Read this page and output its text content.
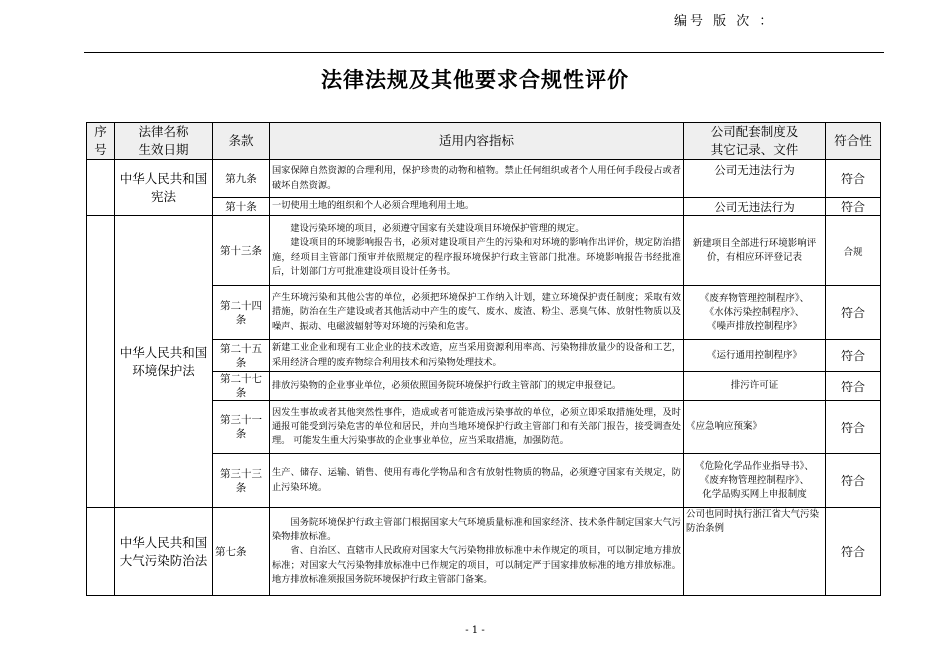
编号 版 次 ：
法律法规及其他要求合规性评价
序号	法律名称
生效日期	条款	适用内容指标	公司配套制度及
其它记录、文件	符合性
	中华人民共和国宪法	第九条	国家保障自然资源的合理利用，保护珍贵的动物和植物。禁止任何组织或者个人用任何手段侵占或者破坏自然资源。	公司无违法行为	符合
		第十条	一切使用土地的组织和个人必须合理地利用土地。	公司无违法行为	符合
	中华人民共和国环境保护法	第十三条	建设污染环境的项目，必须遵守国家有关建设项目环境保护管理的规定。
建设项目的环境影响报告书，必须对建设项目产生的污染和对环境的影响作出评价，规定防治措施，经项目主管部门预审并依照规定的程序报环境保护行政主管部门批准。环境影响报告书经批准后，计划部门方可批准建设项目设计任务书。	新建项目全部进行环境影响评价，有相应环评登记表	合规
		第二十四条	产生环境污染和其他公害的单位，必须把环境保护工作纳入计划，建立环境保护责任制度；采取有效措施，防治在生产建设或者其他活动中产生的废气、废水、废渣、粉尘、恶臭气体、放射性物质以及噪声、振动、电磁波辐射等对环境的污染和危害。	《废弃物管理控制程序》、
《水体污染控制程序》、
《噪声排放控制程序》	符合
		第二十五条	新建工业企业和现有工业企业的技术改造，应当采用资源利用率高、污染物排放量少的设备和工艺，采用经济合理的废弃物综合利用技术和污染物处理技术。	《运行通用控制程序》	符合
		第二十七条	排放污染物的企业事业单位，必须依照国务院环境保护行政主管部门的规定申报登记。	排污许可证	符合
		第三十一条	因发生事故或者其他突然性事件，造成或者可能造成污染事故的单位，必须立即采取措施处理，及时通报可能受到污染危害的单位和居民，并向当地环境保护行政主管部门和有关部门报告，接受调查处理。 可能发生重大污染事故的企业事业单位，应当采取措施，加强防范。	《应急响应预案》	符合
		第三十三条	生产、储存、运输、销售、使用有毒化学物品和含有放射性物质的物品，必须遵守国家有关规定，防止污染环境。	《危险化学品作业指导书》、
《废弃物管理控制程序》、
化学品购买网上申报制度	符合

	中华人民共和国
大气污染防治法	第七条	国务院环境保护行政主管部门根据国家大气环境质量标准和国家经济、技术条件制定国家大气污染物排放标准。
省、自治区、直辖市人民政府对国家大气污染物排放标准中未作规定的项目，可以制定地方排放标准；对国家大气污染物排放标准中已作规定的项目，可以制定严于国家排放标准的地方排放标准。地方排放标准须报国务院环境保护行政主管部门备案。	公司也同时执行浙江省大气污染防治条例	符合
- 1 -
